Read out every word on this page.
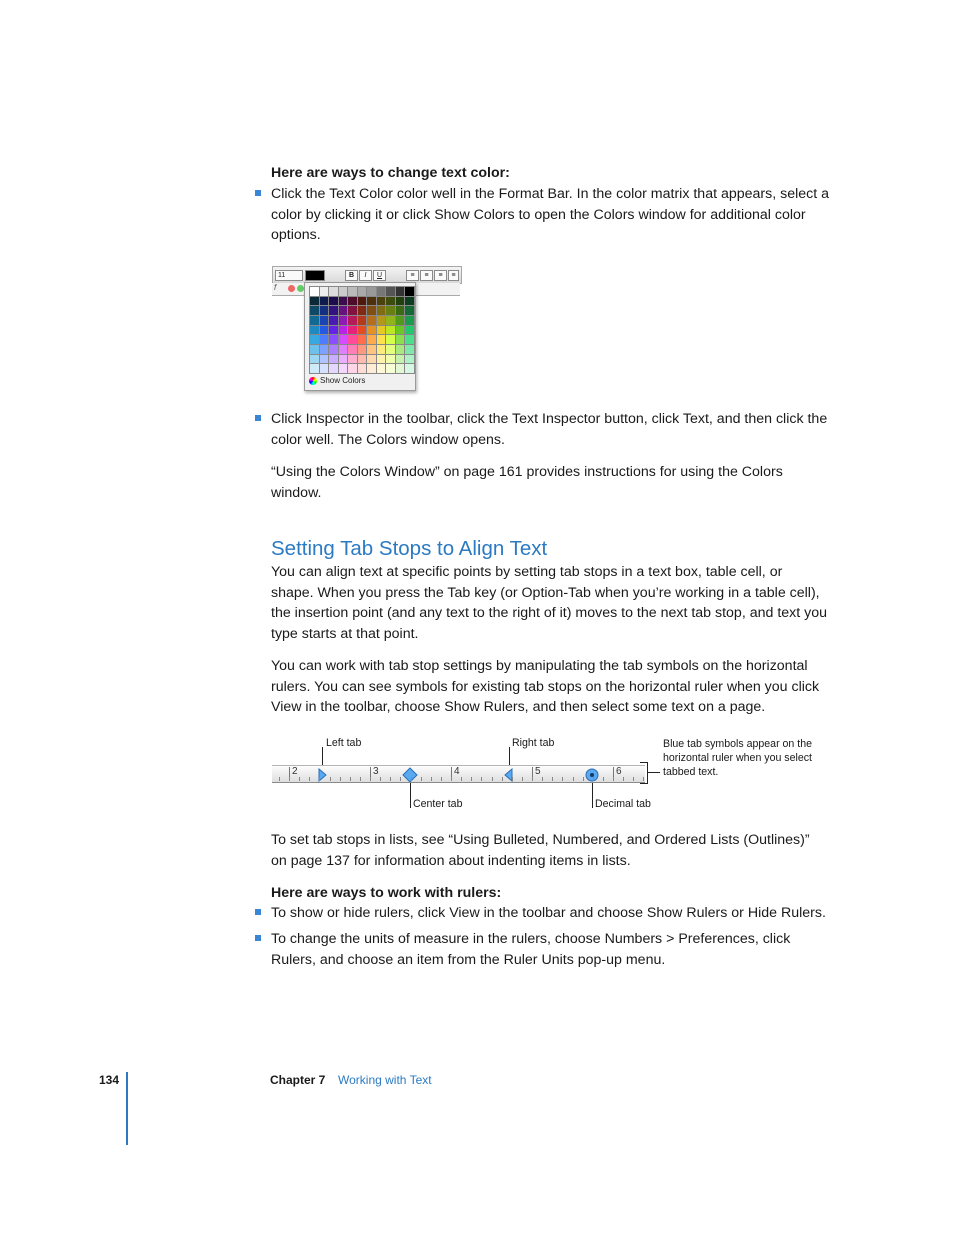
Here are ways to change text color:

Click the Text Color color well in the Format Bar. In the color matrix that appears, select a color by clicking it or click Show Colors to open the Colors window for additional color options.

11	B	I	U	≡	≡	≡	≡
f
Show Colors

Click Inspector in the toolbar, click the Text Inspector button, click Text, and then click the color well. The Colors window opens.

“Using the Colors Window” on page 161 provides instructions for using the Colors window.

Setting Tab Stops to Align Text

You can align text at specific points by setting tab stops in a text box, table cell, or shape. When you press the Tab key (or Option-Tab when you’re working in a table cell), the insertion point (and any text to the right of it) moves to the next tab stop, and text you type starts at that point.

You can work with tab stop settings by manipulating the tab symbols on the horizontal rulers. You can see symbols for existing tab stops on the horizontal ruler when you click View in the toolbar, choose Show Rulers, and then select some text on a page.

Left tab	Right tab
Center tab	Decimal tab
Blue tab symbols appear on the horizontal ruler when you select tabbed text.
2	3	4	5	6

To set tab stops in lists, see “Using Bulleted, Numbered, and Ordered Lists (Outlines)” on page 137 for information about indenting items in lists.

Here are ways to work with rulers:

To show or hide rulers, click View in the toolbar and choose Show Rulers or Hide Rulers.

To change the units of measure in the rulers, choose Numbers > Preferences, click Rulers, and choose an item from the Ruler Units pop-up menu.

134	Chapter 7 Working with Text
